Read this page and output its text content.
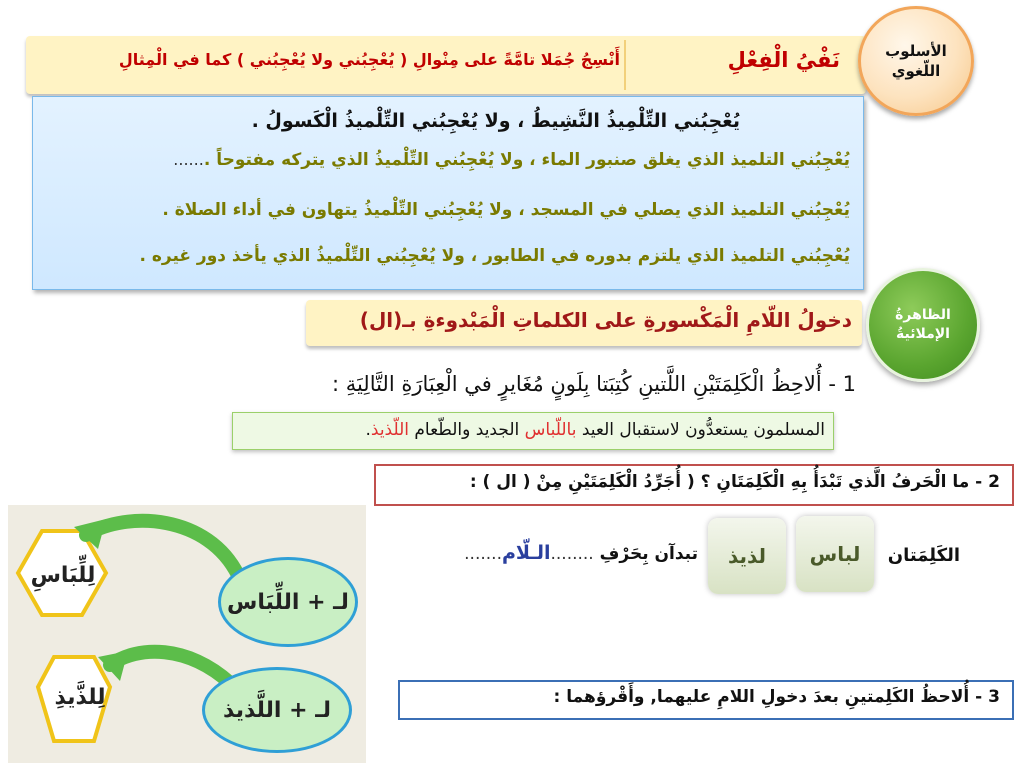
نَفْيُ الْفِعْلِ
أَنْسِجُ جُمَلا تامَّةً على مِنْوالِ ( يُعْجِبُني ولا يُعْجِبُني ) كما في الْمِثالِ	الأسلوب اللّغوي
يُعْجِبُني التِّلْمِيذُ النَّشِيطُ ، ولا يُعْجِبُني التِّلْميذُ الْكَسولُ .
يُعْجِبُني التلميذ الذي يغلق صنبور الماء ، ولا يُعْجِبُني التِّلْميذُ الذي يتركه مفتوحاً .......
يُعْجِبُني التلميذ الذي يصلي في المسجد ، ولا يُعْجِبُني التِّلْميذُ يتهاون في أداء الصلاة .
يُعْجِبُني التلميذ الذي يلتزم بدوره في الطابور ، ولا يُعْجِبُني التِّلْميذُ الذي يأخذ دور غيره .
دخولُ اللّامِ الْمَكْسورةِ على الكلماتِ الْمَبْدوءةِ بـ(ال)	الظاهرةُ الإملائيةُ
1 - أُلاحِظُ الْكَلِمَتَيْنِ اللَّتينِ كُتِبَتا بِلَونٍ مُغَايرٍ في الْعِبَارَةِ التَّالِيَةِ :
المسلمون يستعدُّون لاستقبال العيد باللّباس الجديد والطّعام اللّذيذ.
2 - ما الْحَرفُ الَّذي تَبْدَأُ بِهِ الْكَلِمَتَانِ ؟ ( أُجَرِّدُ الْكَلِمَتَيْنِ مِنْ ( ال ) :
الكَلِمَتان
لباس
لذيذ
تبدآن بِحَرْفِ ........الـلّام.......
لـ + اللِّبَاس
لـ + اللَّذيذ
لِلِّبَاسِ
لِلذَّيذِ	3 - أُلاحظُ الكَلِمتينِ بعدَ دخولِ اللامِ عليهما, وأَقْرؤهما :
